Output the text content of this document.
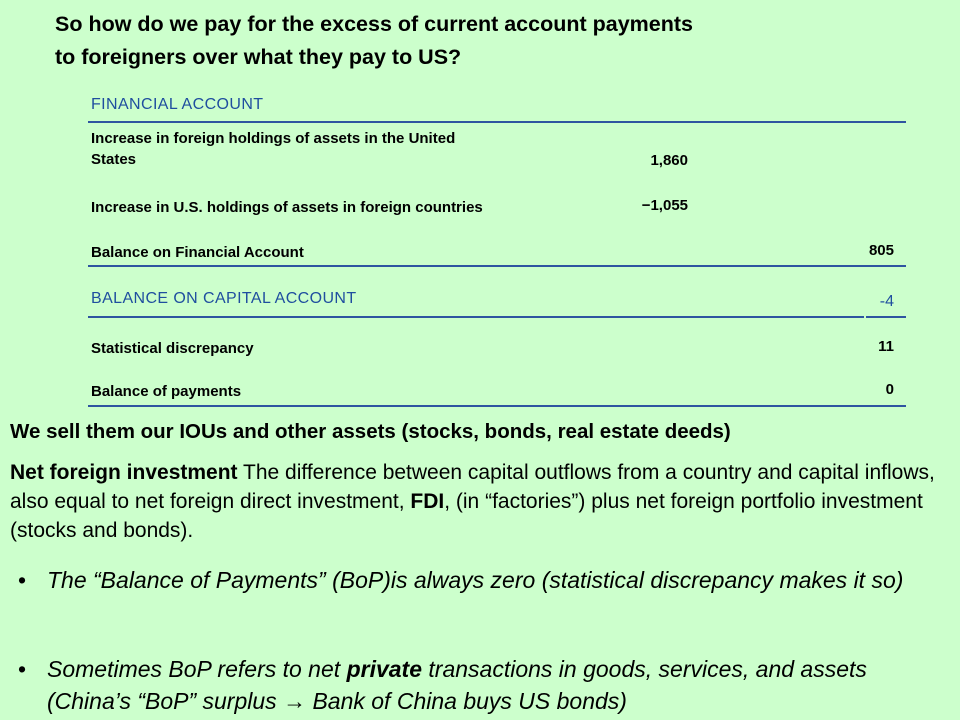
So how do we pay for the excess of current account payments
to foreigners over what they pay to US?
FINANCIAL ACCOUNT
Increase in foreign holdings of assets in the United
States	1,860
Increase in U.S. holdings of assets in foreign countries	−1,055
Balance on Financial Account	805
BALANCE ON CAPITAL ACCOUNT	-4
Statistical discrepancy	11
Balance of payments	0
We sell them our IOUs and other assets (stocks, bonds, real estate deeds)
Net foreign investment The difference between capital outflows from a country and capital inflows, also equal to net foreign direct investment, FDI, (in “factories”) plus net foreign portfolio investment (stocks and bonds).
• The “Balance of Payments” (BoP)is always zero (statistical discrepancy makes it so)
• Sometimes BoP refers to net private transactions in goods, services, and assets (China’s “BoP” surplus → Bank of China buys US bonds)
